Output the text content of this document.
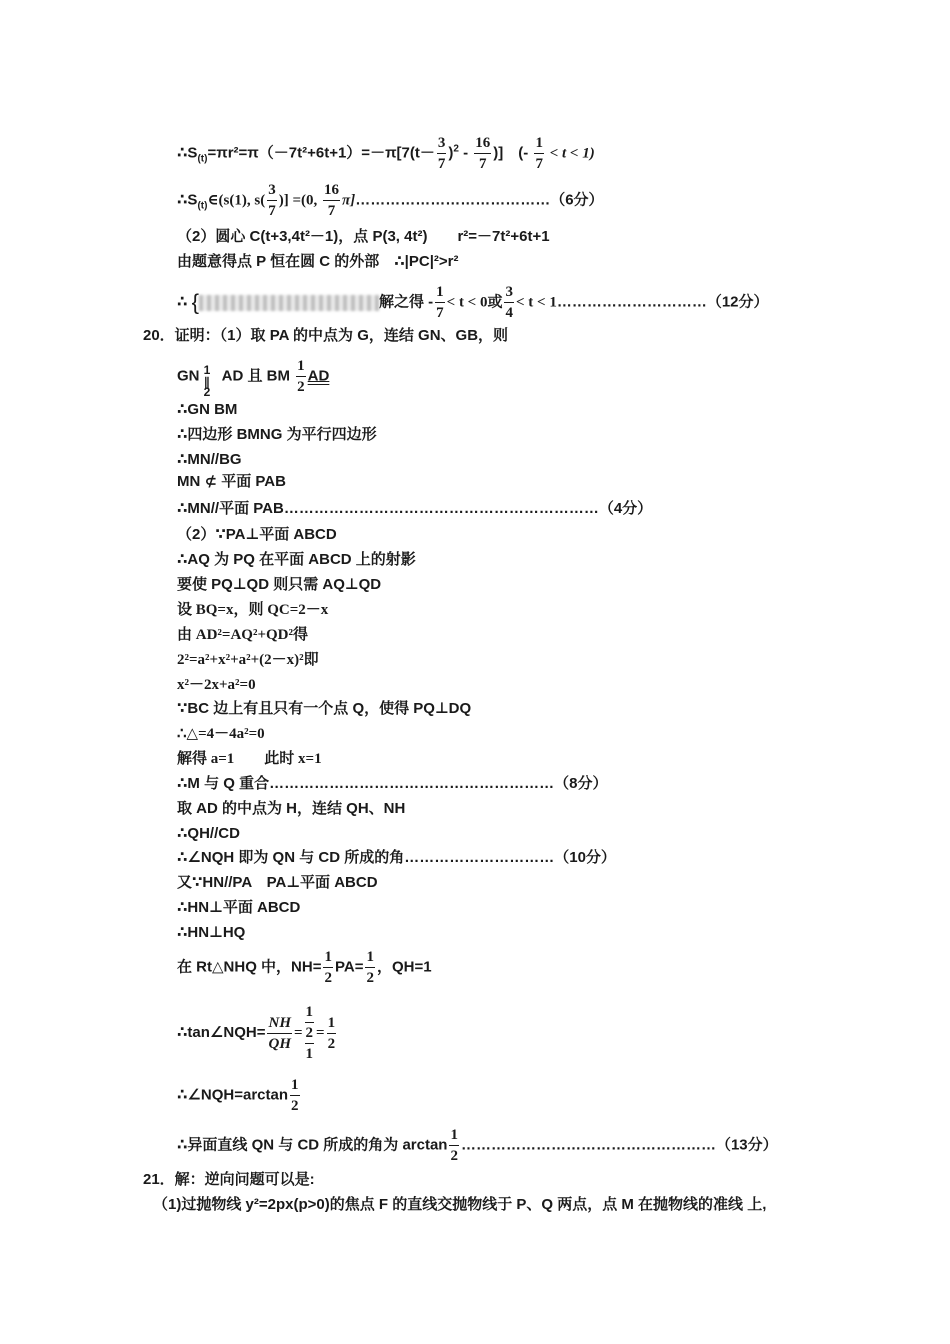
$\therefore S_{(t)}=\pi r^2=\pi(-7t^2+6t+1)=-\pi[7(t- \frac{3}{7} )^2 - \frac{16}{7}$ )]　(- $\frac{1}{7} < t < 1$)
$\therefore S_{(t)}\in(s(1)$, $s( \frac{3}{7}$ )] =(0, $\frac{16}{7}$ π]…………………………………（6分）
（2）圆心 C(t+3,4t²－1)，点 P(3, 4t²)　　r²=－7t²+6t+1
由题意得点 P 恒在圆 C 的外部　∴|PC|²>r²
∴ {	解之得 - $\frac{1}{7} < t < 0$或 $\frac{3}{4} < t$ < 1…………………………（12分）
20．证明：（1）取 PA 的中点为 G，连结 GN、GB，则
GN 1
∥
2
AD 且 BM $\frac{1}{2}$ AD
∴GN BM
∴四边形 BMNG 为平行四边形
∴MN//BG
MN ⊄ 平面 PAB
∴MN//平面 PAB………………………………………………………（4分）
（2）∵PA⊥平面 ABCD
∴AQ 为 PQ 在平面 ABCD 上的射影
要使 PQ⊥QD 则只需 AQ⊥QD
设 BQ=x，则 QC=2－x
由 AD²=AQ²+QD²得
2²=a²+x²+a²+(2－x)²即
x²－2x+a²=0
∵BC 边上有且只有一个点 Q，使得 PQ⊥DQ
∴△=4－4a²=0
解得 a=1　　此时 x=1
∴M 与 Q 重合…………………………………………………（8分）
取 AD 的中点为 H，连结 QH、NH
∴QH//CD
∴∠NQH 即为 QN 与 CD 所成的角…………………………（10分）
又∵HN//PA　PA⊥平面 ABCD
∴HN⊥平面 ABCD
∴HN⊥HQ
在 Rt△NHQ 中，$NH= \frac{1}{2} PA= \frac{1}{2}$ ，QH=1
∴tan∠NQH= $\frac{NH}{QH}$ =
1
2
1
= $\frac{1}{2}$
∴∠NQH=arctan $\frac{1}{2}$
∴异面直线 QN 与 CD 所成的角为 $\arctan \frac{1}{2}$ ……………………………………………（13分）
21．解：逆向问题可以是:
（1)过抛物线 y²=2px(p>0)的焦点 F 的直线交抛物线于 P、Q 两点，点 M 在抛物线的准线 上,
